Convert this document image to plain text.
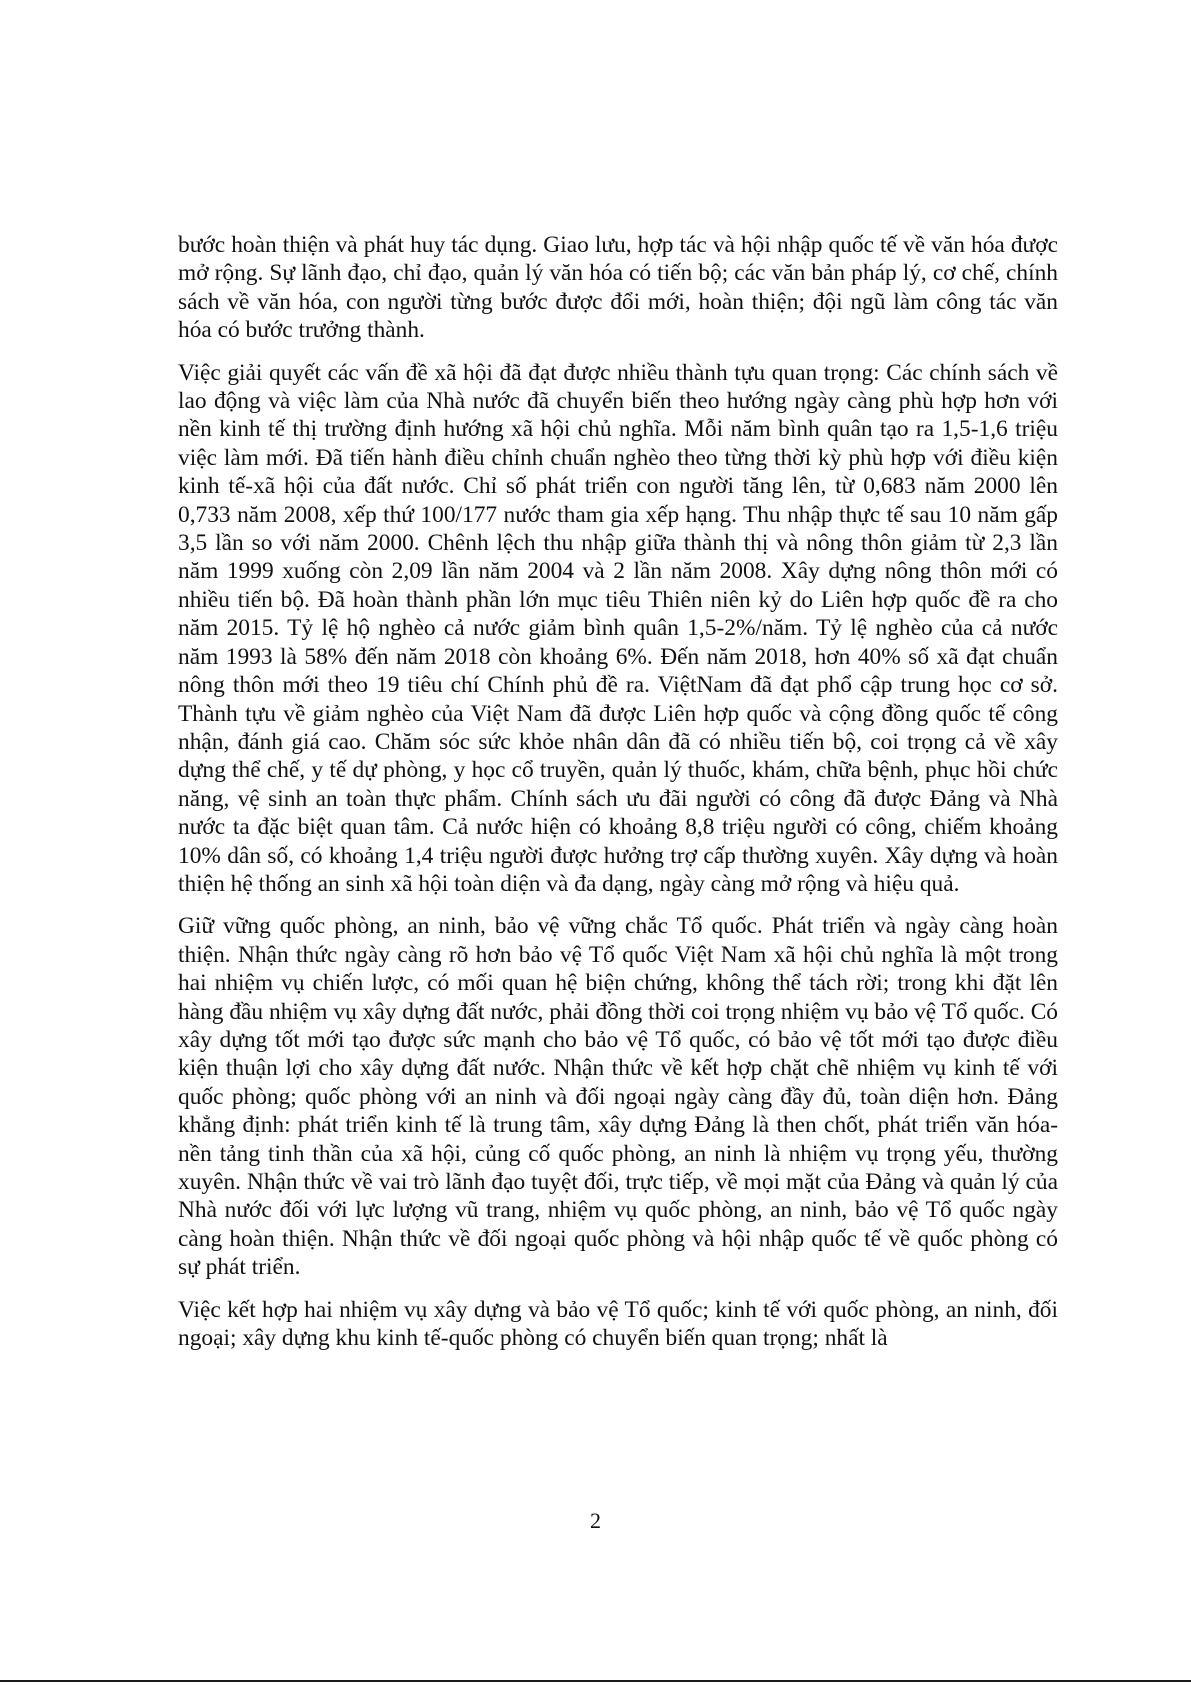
bước hoàn thiện và phát huy tác dụng. Giao lưu, hợp tác và hội nhập quốc tế về văn hóa được mở rộng. Sự lãnh đạo, chỉ đạo, quản lý văn hóa có tiến bộ; các văn bản pháp lý, cơ chế, chính sách về văn hóa, con người từng bước được đổi mới, hoàn thiện; đội ngũ làm công tác văn hóa có bước trưởng thành.

Việc giải quyết các vấn đề xã hội đã đạt được nhiều thành tựu quan trọng: Các chính sách về lao động và việc làm của Nhà nước đã chuyển biến theo hướng ngày càng phù hợp hơn với nền kinh tế thị trường định hướng xã hội chủ nghĩa. Mỗi năm bình quân tạo ra 1,5-1,6 triệu việc làm mới. Đã tiến hành điều chỉnh chuẩn nghèo theo từng thời kỳ phù hợp với điều kiện kinh tế-xã hội của đất nước. Chỉ số phát triển con người tăng lên, từ 0,683 năm 2000 lên 0,733 năm 2008, xếp thứ 100/177 nước tham gia xếp hạng. Thu nhập thực tế sau 10 năm gấp 3,5 lần so với năm 2000. Chênh lệch thu nhập giữa thành thị và nông thôn giảm từ 2,3 lần năm 1999 xuống còn 2,09 lần năm 2004 và 2 lần năm 2008. Xây dựng nông thôn mới có nhiều tiến bộ. Đã hoàn thành phần lớn mục tiêu Thiên niên kỷ do Liên hợp quốc đề ra cho năm 2015. Tỷ lệ hộ nghèo cả nước giảm bình quân 1,5-2%/năm. Tỷ lệ nghèo của cả nước năm 1993 là 58% đến năm 2018 còn khoảng 6%. Đến năm 2018, hơn 40% số xã đạt chuẩn nông thôn mới theo 19 tiêu chí Chính phủ đề ra. ViệtNam đã đạt phổ cập trung học cơ sở. Thành tựu về giảm nghèo của Việt Nam đã được Liên hợp quốc và cộng đồng quốc tế công nhận, đánh giá cao. Chăm sóc sức khỏe nhân dân đã có nhiều tiến bộ, coi trọng cả về xây dựng thể chế, y tế dự phòng, y học cổ truyền, quản lý thuốc, khám, chữa bệnh, phục hồi chức năng, vệ sinh an toàn thực phẩm. Chính sách ưu đãi người có công đã được Đảng và Nhà nước ta đặc biệt quan tâm. Cả nước hiện có khoảng 8,8 triệu người có công, chiếm khoảng 10% dân số, có khoảng 1,4 triệu người được hưởng trợ cấp thường xuyên. Xây dựng và hoàn thiện hệ thống an sinh xã hội toàn diện và đa dạng, ngày càng mở rộng và hiệu quả.

Giữ vững quốc phòng, an ninh, bảo vệ vững chắc Tổ quốc. Phát triển và ngày càng hoàn thiện. Nhận thức ngày càng rõ hơn bảo vệ Tổ quốc Việt Nam xã hội chủ nghĩa là một trong hai nhiệm vụ chiến lược, có mối quan hệ biện chứng, không thể tách rời; trong khi đặt lên hàng đầu nhiệm vụ xây dựng đất nước, phải đồng thời coi trọng nhiệm vụ bảo vệ Tổ quốc. Có xây dựng tốt mới tạo được sức mạnh cho bảo vệ Tổ quốc, có bảo vệ tốt mới tạo được điều kiện thuận lợi cho xây dựng đất nước. Nhận thức về kết hợp chặt chẽ nhiệm vụ kinh tế với quốc phòng; quốc phòng với an ninh và đối ngoại ngày càng đầy đủ, toàn diện hơn. Đảng khẳng định: phát triển kinh tế là trung tâm, xây dựng Đảng là then chốt, phát triển văn hóa-nền tảng tinh thần của xã hội, củng cố quốc phòng, an ninh là nhiệm vụ trọng yếu, thường xuyên. Nhận thức về vai trò lãnh đạo tuyệt đối, trực tiếp, về mọi mặt của Đảng và quản lý của Nhà nước đối với lực lượng vũ trang, nhiệm vụ quốc phòng, an ninh, bảo vệ Tổ quốc ngày càng hoàn thiện. Nhận thức về đối ngoại quốc phòng và hội nhập quốc tế về quốc phòng có sự phát triển.

Việc kết hợp hai nhiệm vụ xây dựng và bảo vệ Tổ quốc; kinh tế với quốc phòng, an ninh, đối ngoại; xây dựng khu kinh tế-quốc phòng có chuyển biến quan trọng; nhất là

2
